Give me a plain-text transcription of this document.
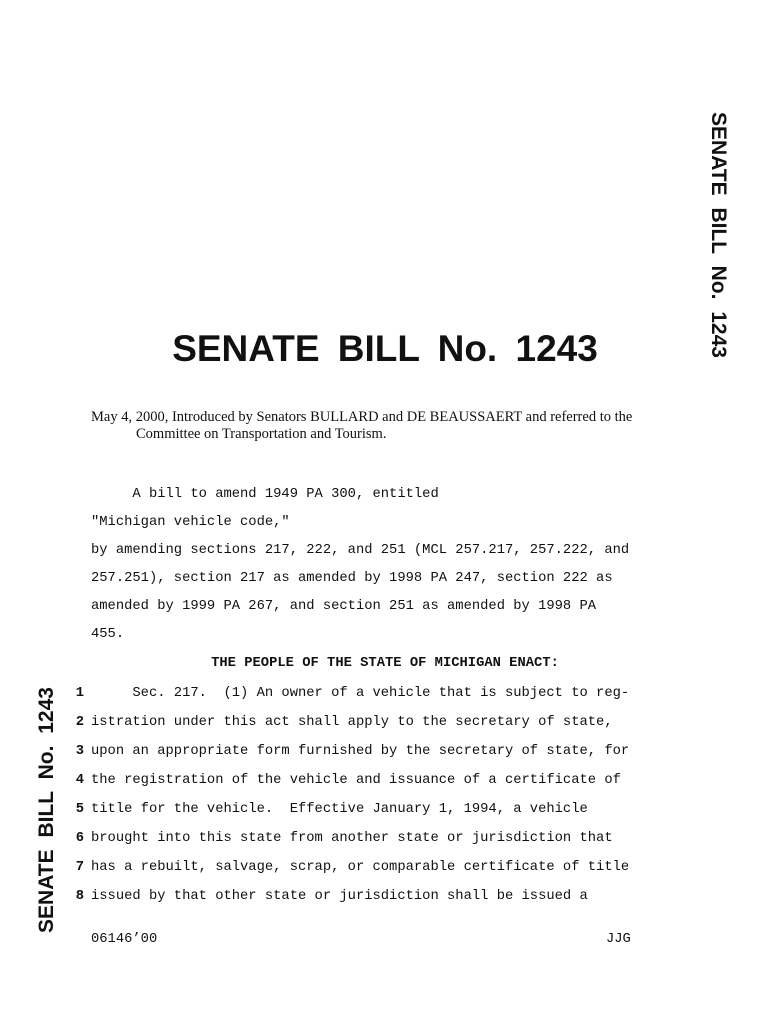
SENATE BILL No. 1243
SENATE BILL No. 1243
SENATE BILL No. 1243

May 4, 2000, Introduced by Senators BULLARD and DE BEAUSSAERT and referred to the
Committee on Transportation and Tourism.

A bill to amend 1949 PA 300, entitled
"Michigan vehicle code,"
by amending sections 217, 222, and 251 (MCL 257.217, 257.222, and
257.251), section 217 as amended by 1998 PA 247, section 222 as
amended by 1999 PA 267, and section 251 as amended by 1998 PA
455.
THE PEOPLE OF THE STATE OF MICHIGAN ENACT:
1 Sec. 217.  (1) An owner of a vehicle that is subject to reg-
2 istration under this act shall apply to the secretary of state,
3 upon an appropriate form furnished by the secretary of state, for
4 the registration of the vehicle and issuance of a certificate of
5 title for the vehicle.  Effective January 1, 1994, a vehicle
6 brought into this state from another state or jurisdiction that
7 has a rebuilt, salvage, scrap, or comparable certificate of title
8 issued by that other state or jurisdiction shall be issued a
06146’00	JJG
